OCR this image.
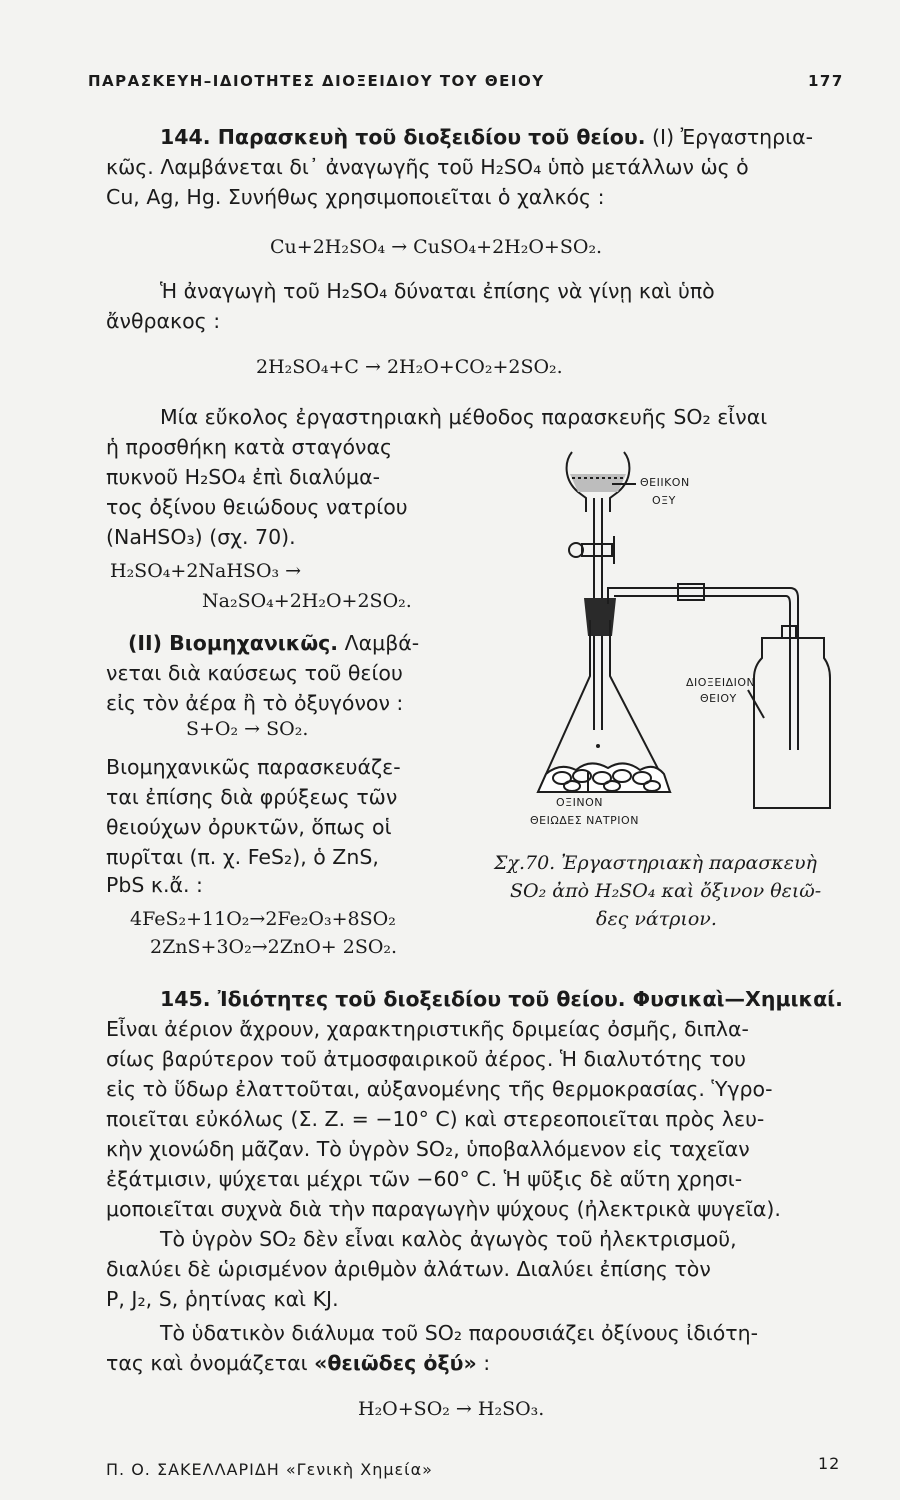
ΠΑΡΑΣΚΕΥΗ–ΙΔΙΟΤΗΤΕΣ ΔΙΟΞΕΙΔΙΟΥ ΤΟΥ ΘΕΙΟΥ	177
144. Παρασκευὴ τοῦ διοξειδίου τοῦ θείου. (I) Ἐργαστηρια-
κῶς. Λαμβάνεται δι᾽ ἀναγωγῆς τοῦ H₂SO₄ ὑπὸ μετάλλων ὡς ὁ
Cu, Ag, Hg. Συνήθως χρησιμοποιεῖται ὁ χαλκός :
Cu+2H₂SO₄ → CuSO₄+2H₂O+SO₂.
Ἡ ἀναγωγὴ τοῦ H₂SO₄ δύναται ἐπίσης νὰ γίνῃ καὶ ὑπὸ
ἄνθρακος :
2H₂SO₄+C → 2H₂O+CO₂+2SO₂.
Μία εὔκολος ἐργαστηριακὴ μέθοδος παρασκευῆς SO₂ εἶναι
ἡ προσθήκη κατὰ σταγόνας
πυκνοῦ H₂SO₄ ἐπὶ διαλύμα-
τος ὀξίνου θειώδους νατρίου
(NaHSO₃) (σχ. 70).
H₂SO₄+2NaHSO₃ →
Na₂SO₄+2H₂O+2SO₂.
(II) Βιομηχανικῶς. Λαμβά-
νεται διὰ καύσεως τοῦ θείου
εἰς τὸν ἀέρα ἢ τὸ ὀξυγόνον :
S+O₂ → SO₂.
Βιομηχανικῶς παρασκευάζε-
ται ἐπίσης διὰ φρύξεως τῶν
θειούχων ὀρυκτῶν, ὅπως οἱ
πυρῖται (π. χ. FeS₂), ὁ ZnS,
PbS κ.ἄ. :
4FeS₂+11O₂→2Fe₂O₃+8SO₂
2ZnS+3O₂→2ZnO+ 2SO₂.
ΘΕΙΙΚΟΝ
ΟΞΥ
ΔΙΟΞΕΙΔΙΟΝ
ΘΕΙΟΥ
ΟΞΙΝΟΝ
ΘΕΙΩΔΕΣ ΝΑΤΡΙΟΝ
Σχ.70. Ἐργαστηριακὴ παρασκευὴ
SO₂ ἀπὸ H₂SO₄ καὶ ὄξινον θειῶ-
δες νάτριον.
145. Ἰδιότητες τοῦ διοξειδίου τοῦ θείου. Φυσικαὶ—Χημικαί.
Εἶναι ἀέριον ἄχρουν, χαρακτηριστικῆς δριμείας ὀσμῆς, διπλα-
σίως βαρύτερον τοῦ ἀτμοσφαιρικοῦ ἀέρος. Ἡ διαλυτότης του
εἰς τὸ ὕδωρ ἐλαττοῦται, αὐξανομένης τῆς θερμοκρασίας. Ὑγρο-
ποιεῖται εὐκόλως (Σ. Ζ. = −10° C) καὶ στερεοποιεῖται πρὸς λευ-
κὴν χιονώδη μᾶζαν. Τὸ ὑγρὸν SO₂, ὑποβαλλόμενον εἰς ταχεῖαν
ἐξάτμισιν, ψύχεται μέχρι τῶν −60° C. Ἡ ψῦξις δὲ αὕτη χρησι-
μοποιεῖται συχνὰ διὰ τὴν παραγωγὴν ψύχους (ἠλεκτρικὰ ψυγεῖα).
Τὸ ὑγρὸν SO₂ δὲν εἶναι καλὸς ἀγωγὸς τοῦ ἠλεκτρισμοῦ,
διαλύει δὲ ὡρισμένον ἀριθμὸν ἀλάτων. Διαλύει ἐπίσης τὸν
P, J₂, S, ῥητίνας καὶ KJ.
Τὸ ὑδατικὸν διάλυμα τοῦ SO₂ παρουσιάζει ὀξίνους ἰδιότη-
τας καὶ ὀνομάζεται «θειῶδες ὀξύ» :
H₂O+SO₂ → H₂SO₃.
Π. Ο. ΣΑΚΕΛΛΑΡΙΔΗ «Γενικὴ Χημεία»	12
